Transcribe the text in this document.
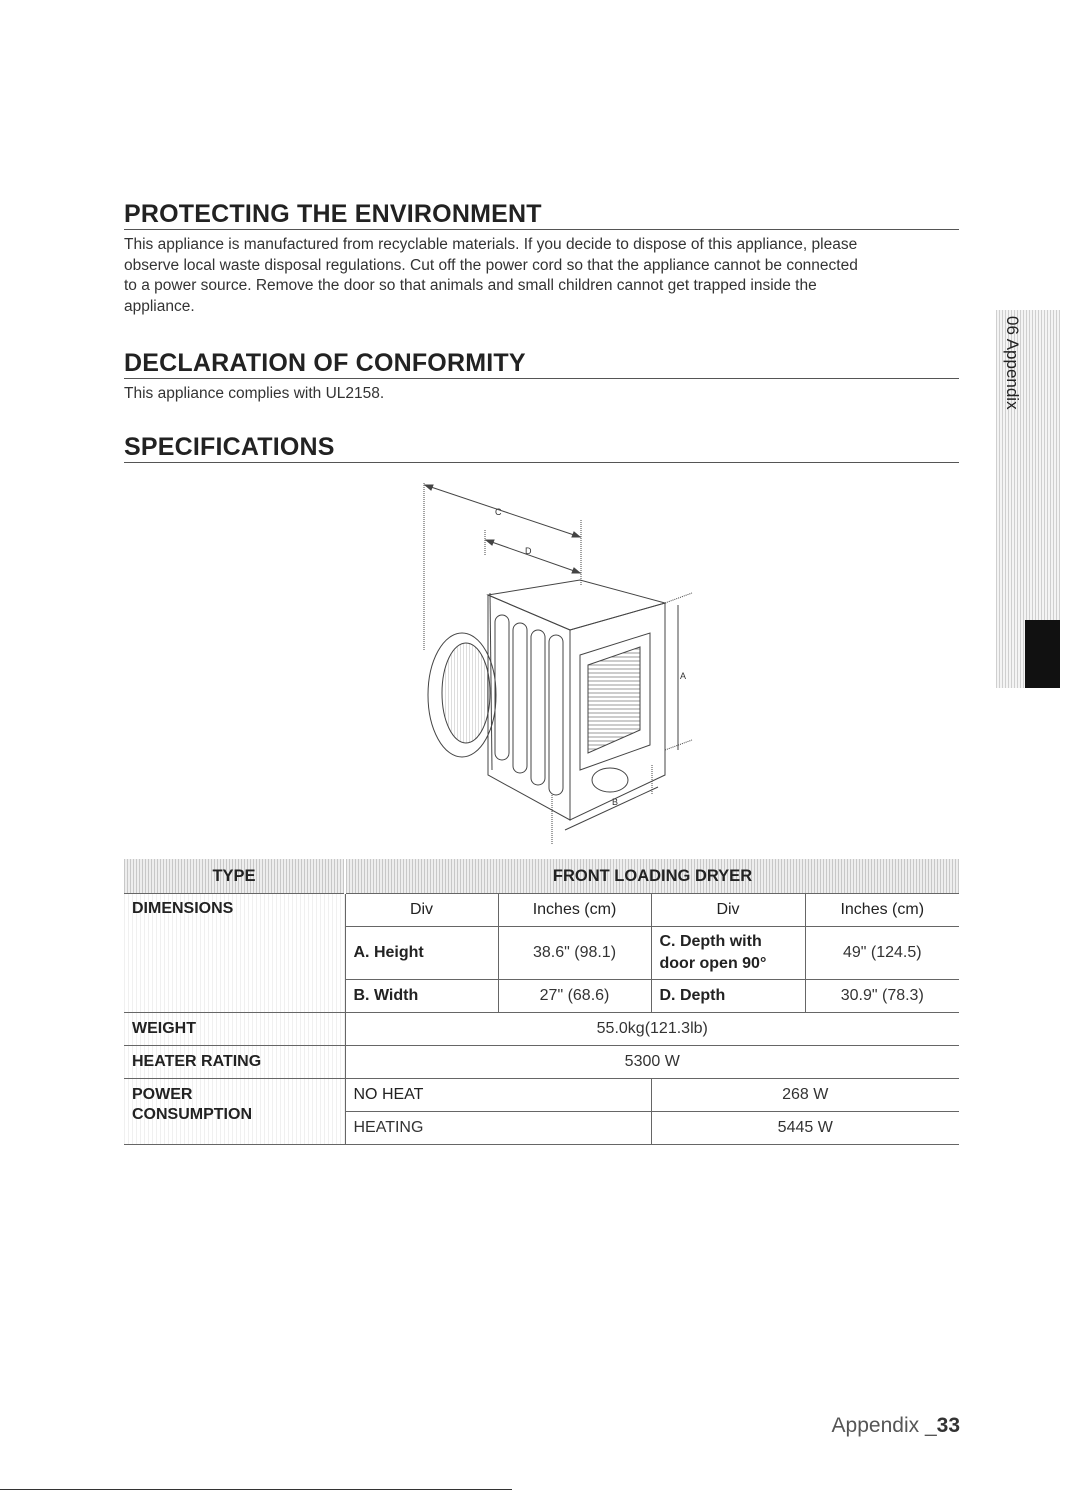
PROTECTING THE ENVIRONMENT

This appliance is manufactured from recyclable materials. If you decide to dispose of this appliance, please
observe local waste disposal regulations. Cut off the power cord so that the appliance cannot be connected
to a power source. Remove the door so that animals and small children cannot get trapped inside the
appliance.

DECLARATION OF CONFORMITY

This appliance complies with UL2158.

SPECIFICATIONS
06 Appendix
C
D
A
B
TYPE	FRONT LOADING DRYER			
DIMENSIONS	Div	Inches (cm)	Div	Inches (cm)
	A. Height	38.6" (98.1)	C. Depth with door open 90°	49" (124.5)
	B. Width	27" (68.6)	D. Depth	30.9" (78.3)
WEIGHT	55.0kg(121.3lb)			
HEATER RATING	5300 W			
POWER
CONSUMPTION	NO HEAT		268 W	
	HEATING		5445 W	
Appendix _33
